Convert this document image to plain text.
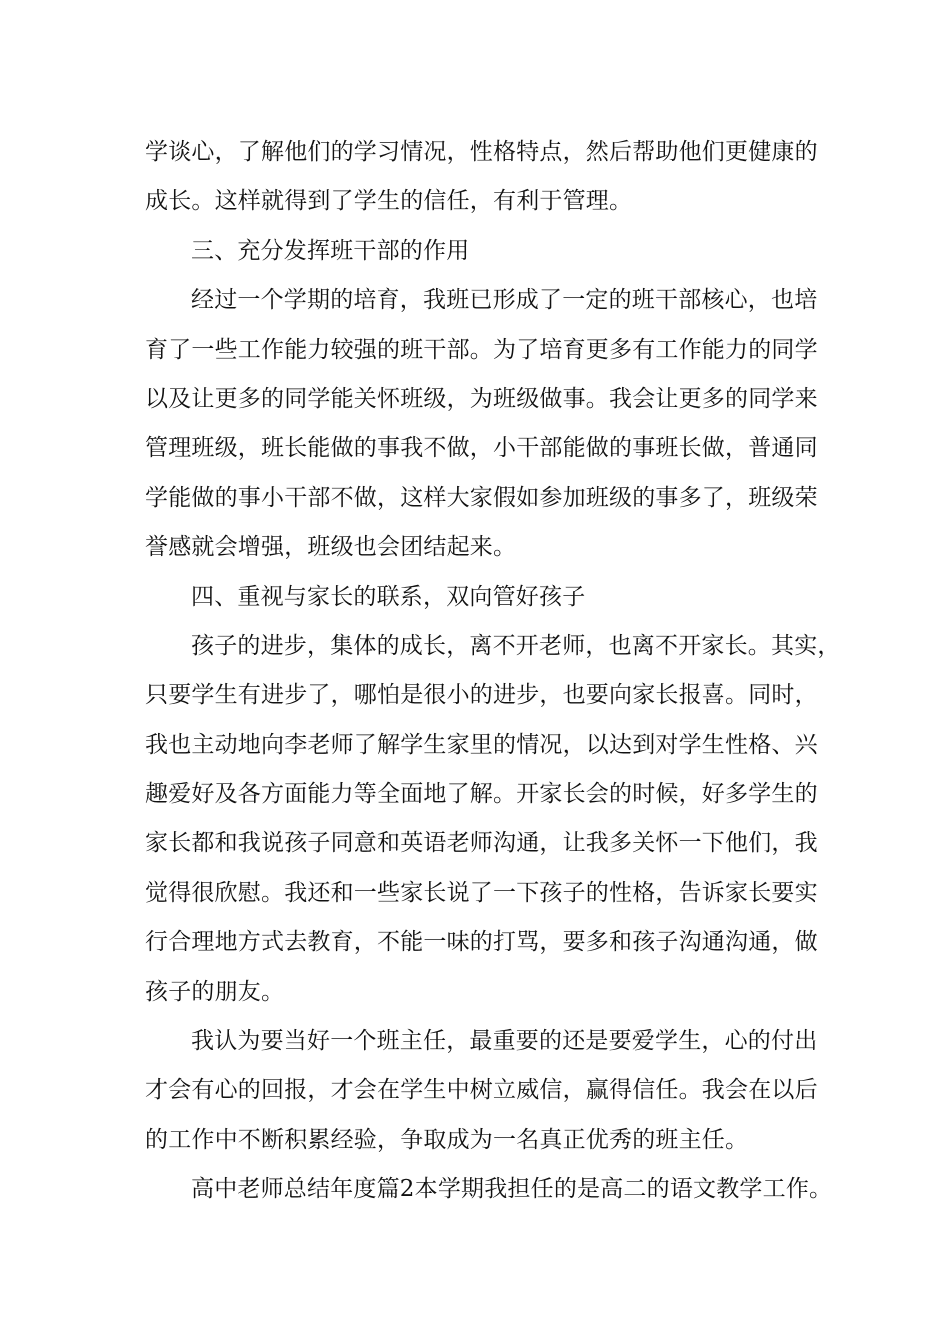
学谈心，了解他们的学习情况，性格特点，然后帮助他们更健康的
成长。这样就得到了学生的信任，有利于管理。
三、充分发挥班干部的作用
经过一个学期的培育，我班已形成了一定的班干部核心，也培
育了一些工作能力较强的班干部。为了培育更多有工作能力的同学
以及让更多的同学能关怀班级，为班级做事。我会让更多的同学来
管理班级，班长能做的事我不做，小干部能做的事班长做，普通同
学能做的事小干部不做，这样大家假如参加班级的事多了，班级荣
誉感就会增强，班级也会团结起来。
四、重视与家长的联系，双向管好孩子
孩子的进步，集体的成长，离不开老师，也离不开家长。其实，
只要学生有进步了，哪怕是很小的进步，也要向家长报喜。同时，
我也主动地向李老师了解学生家里的情况，以达到对学生性格、兴
趣爱好及各方面能力等全面地了解。开家长会的时候，好多学生的
家长都和我说孩子同意和英语老师沟通，让我多关怀一下他们，我
觉得很欣慰。我还和一些家长说了一下孩子的性格，告诉家长要实
行合理地方式去教育，不能一味的打骂，要多和孩子沟通沟通，做
孩子的朋友。
我认为要当好一个班主任，最重要的还是要爱学生，心的付出
才会有心的回报，才会在学生中树立威信，赢得信任。我会在以后
的工作中不断积累经验，争取成为一名真正优秀的班主任。
高中老师总结年度篇2本学期我担任的是高二的语文教学工作。
